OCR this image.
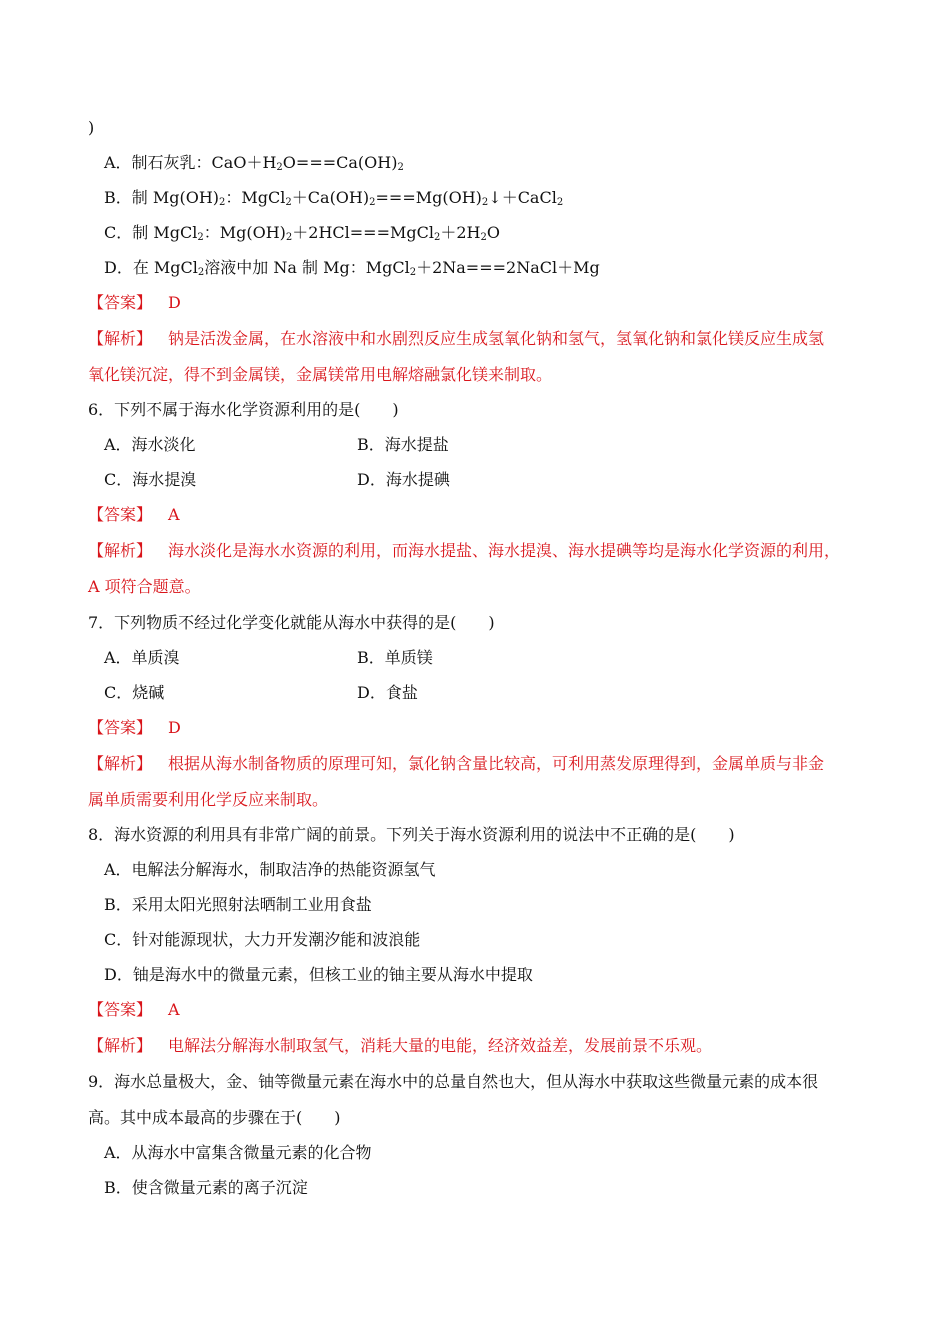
)
A．制石灰乳：$CaO+H_2O===Ca(OH)_2$
B．制 $Mg(OH)_2$：$MgCl_2+Ca(OH)_2===Mg(OH)_2↓+CaCl_2$
C．制 MgCl$_2$：$Mg(OH)_2+2HCl===MgCl_2+2H_2O$
D．在 MgCl$_2$溶液中加 Na 制 Mg：MgCl$_2$＋2Na===2NaCl＋Mg
【答案】 D
【解析】 钠是活泼金属，在水溶液中和水剧烈反应生成氢氧化钠和氢气，氢氧化钠和氯化镁反应生成氢
氧化镁沉淀，得不到金属镁，金属镁常用电解熔融氯化镁来制取。
6．下列不属于海水化学资源利用的是(　　)
A．海水淡化	B．海水提盐
C．海水提溴	D．海水提碘
【答案】 A
【解析】 海水淡化是海水水资源的利用，而海水提盐、海水提溴、海水提碘等均是海水化学资源的利用，
A 项符合题意。
7．下列物质不经过化学变化就能从海水中获得的是(　　)
A．单质溴	B．单质镁
C．烧碱	D．食盐
【答案】 D
【解析】 根据从海水制备物质的原理可知，氯化钠含量比较高，可利用蒸发原理得到，金属单质与非金
属单质需要利用化学反应来制取。
8．海水资源的利用具有非常广阔的前景。下列关于海水资源利用的说法中不正确的是(　　)
A．电解法分解海水，制取洁净的热能资源氢气
B．采用太阳光照射法晒制工业用食盐
C．针对能源现状，大力开发潮汐能和波浪能
D．铀是海水中的微量元素，但核工业的铀主要从海水中提取
【答案】 A
【解析】 电解法分解海水制取氢气，消耗大量的电能，经济效益差，发展前景不乐观。
9．海水总量极大，金、铀等微量元素在海水中的总量自然也大，但从海水中获取这些微量元素的成本很
高。其中成本最高的步骤在于(　　)
A．从海水中富集含微量元素的化合物
B．使含微量元素的离子沉淀
